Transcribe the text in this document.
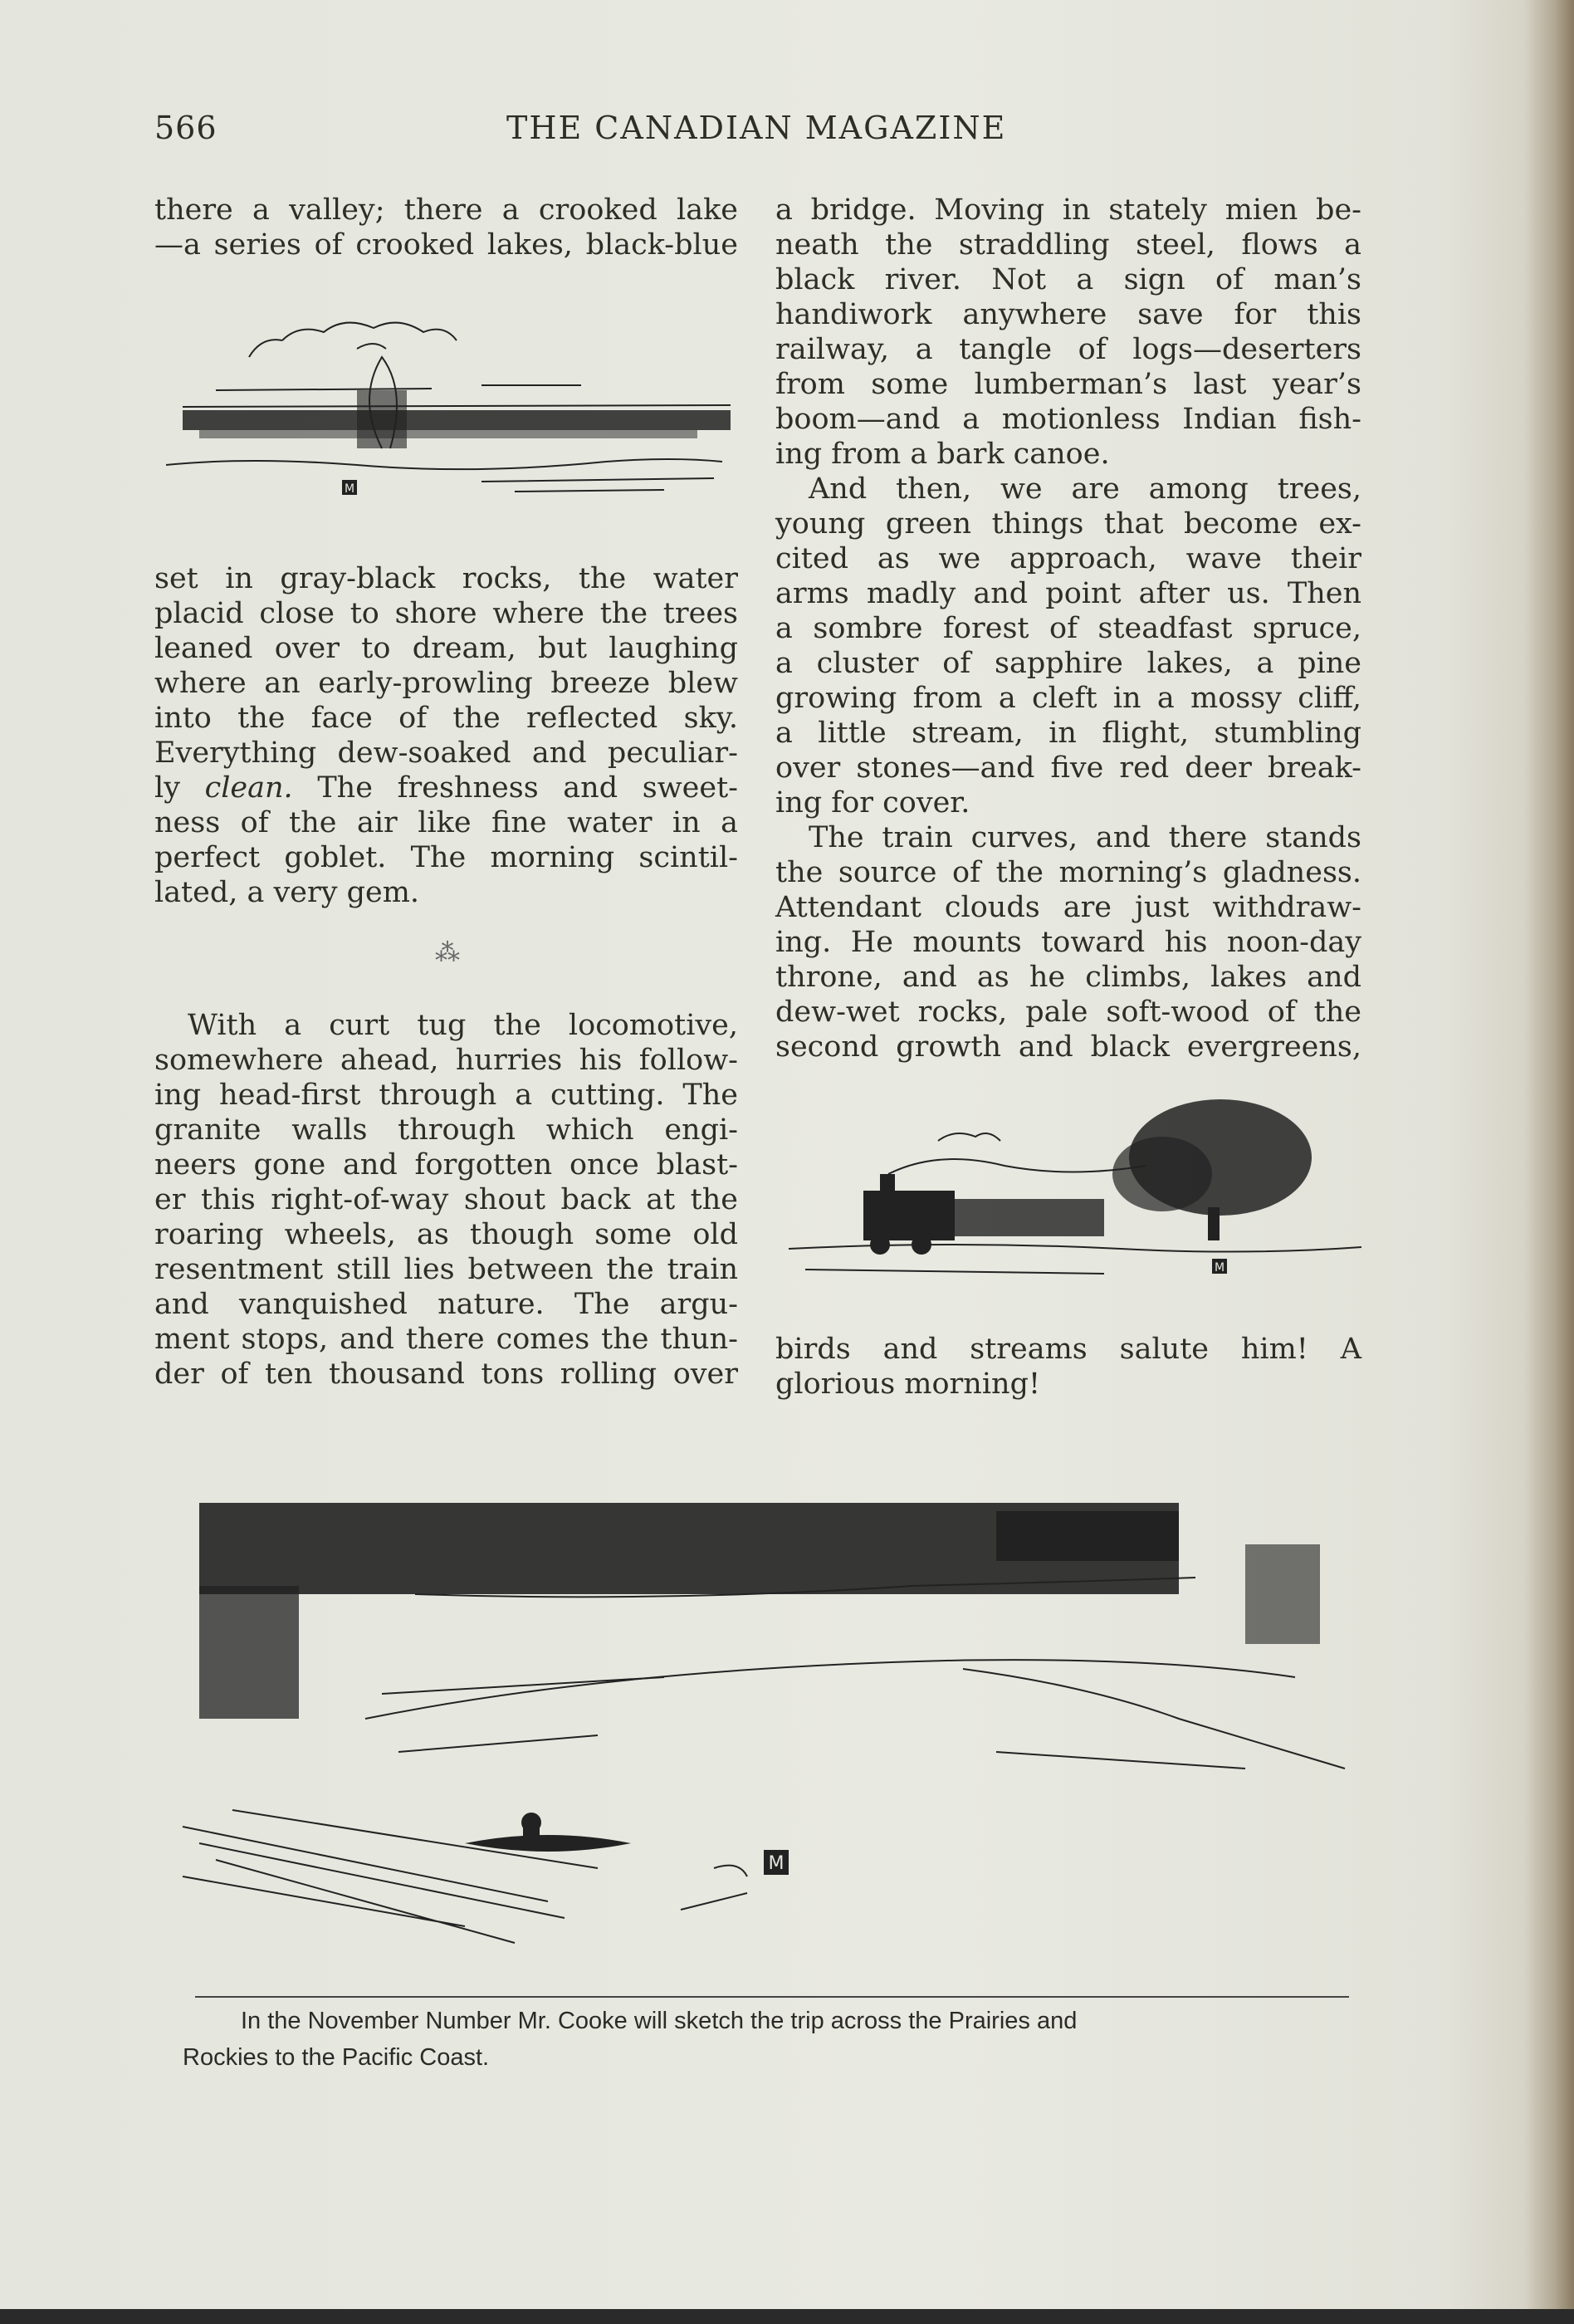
566	THE CANADIAN MAGAZINE

there a valley; there a crooked lake

—a series of crooked lakes, black-blue

M

set in gray-black rocks, the water

placid close to shore where the trees

leaned over to dream, but laughing

where an early-prowling breeze blew

into the face of the reflected sky.

Everything dew-soaked and peculiar-

ly clean. The freshness and sweet-

ness of the air like fine water in a

perfect goblet. The morning scintil-

lated, a very gem.

⁂

With a curt tug the locomotive,

somewhere ahead, hurries his follow-

ing head-first through a cutting. The

granite walls through which engi-

neers gone and forgotten once blast-

er this right-of-way shout back at the

roaring wheels, as though some old

resentment still lies between the train

and vanquished nature. The argu-

ment stops, and there comes the thun-

der of ten thousand tons rolling over

a bridge. Moving in stately mien be-

neath the straddling steel, flows a

black river. Not a sign of man’s

handiwork anywhere save for this

railway, a tangle of logs—deserters

from some lumberman’s last year’s

boom—and a motionless Indian fish-

ing from a bark canoe.

And then, we are among trees,

young green things that become ex-

cited as we approach, wave their

arms madly and point after us. Then

a sombre forest of steadfast spruce,

a cluster of sapphire lakes, a pine

growing from a cleft in a mossy cliff,

a little stream, in flight, stumbling

over stones—and five red deer break-

ing for cover.

The train curves, and there stands

the source of the morning’s gladness.

Attendant clouds are just withdraw-

ing. He mounts toward his noon-day

throne, and as he climbs, lakes and

dew-wet rocks, pale soft-wood of the

second growth and black evergreens,

M

birds and streams salute him! A

glorious morning!

M

In the November Number Mr. Cooke will sketch the trip across the Prairies and

Rockies to the Pacific Coast.
